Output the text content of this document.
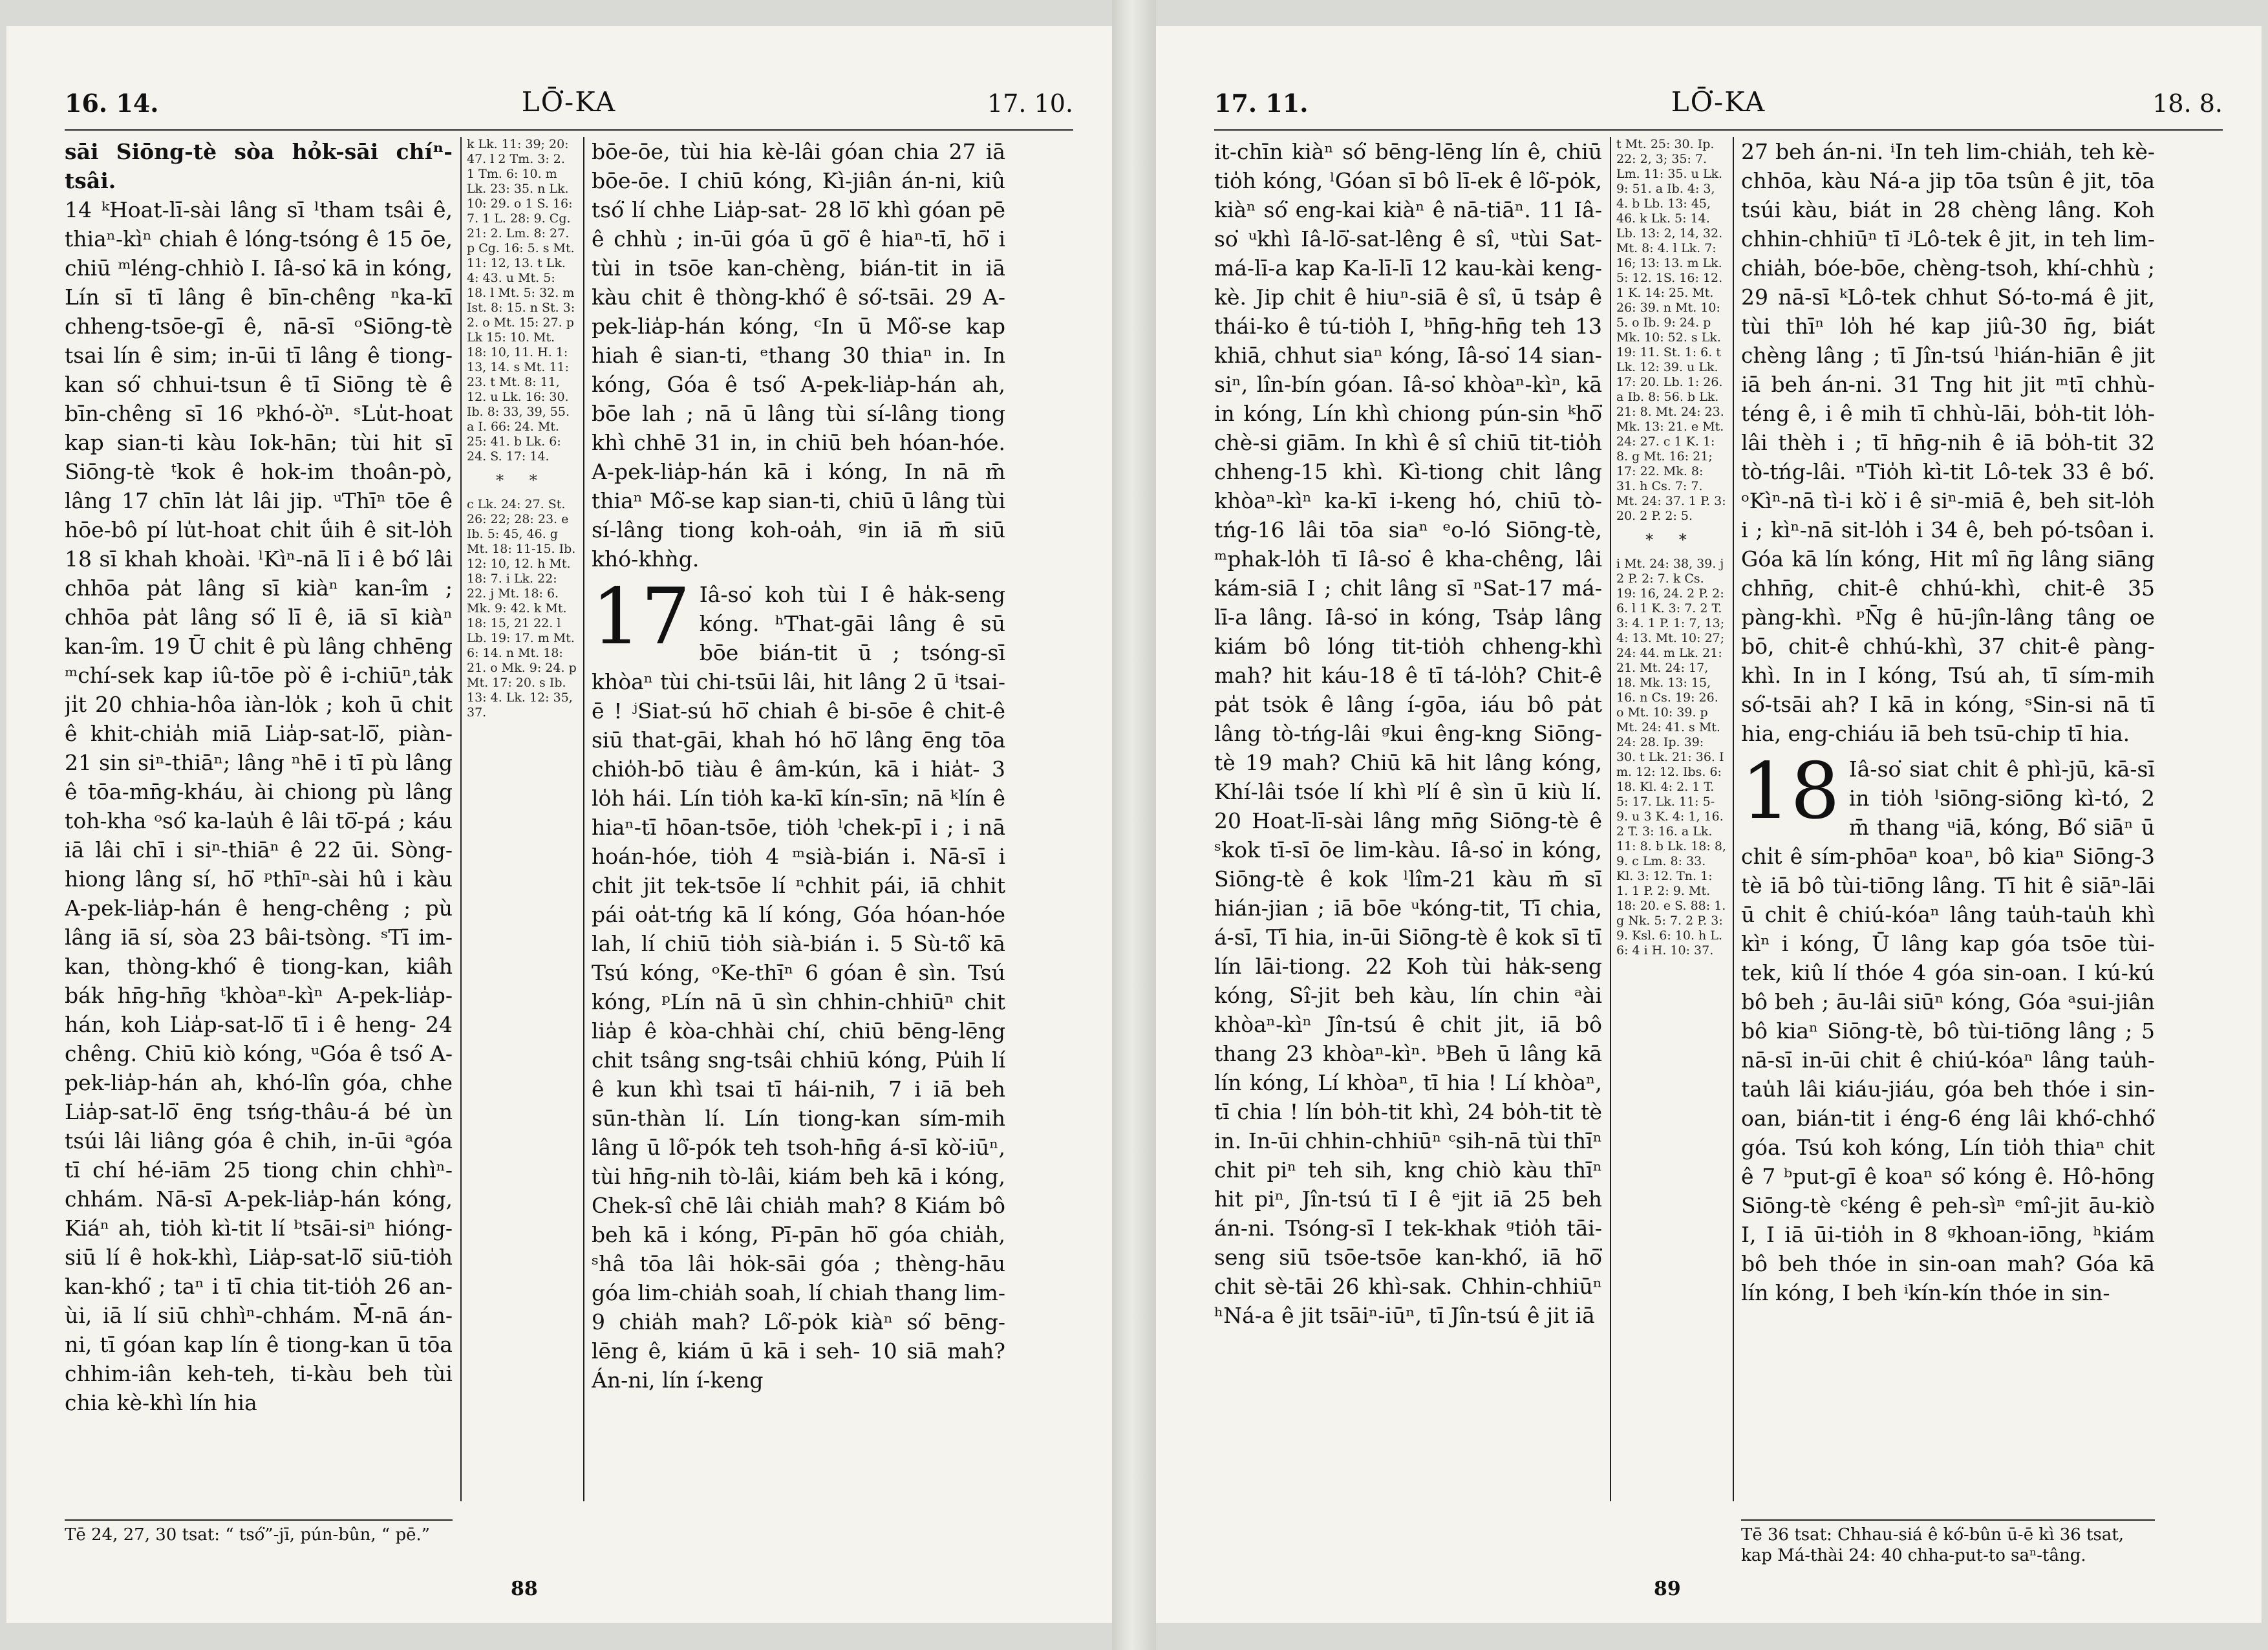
16. 14.	LŌ͘-KA	17. 10.
sāi Siōng-tè sòa hỏk-sāi chíⁿ-tsâi.
14 ᵏHoat-lī-sài lâng sī ˡtham tsâi ê, thiaⁿ-kìⁿ chiah ê lóng-tsóng ê 15 ōe, chiū ᵐléng-chhiò I. Iâ-so͘ kā in kóng, Lín sī tī lâng ê bīn-chêng ⁿka-kī chheng-tsōe-gī ê, nā-sī ᵒSiōng-tè tsai lín ê sim; in-ūi tī lâng ê tiong-kan só͘ chhui-tsun ê tī Siōng tè ê bīn-chêng sī 16 ᵖkhó-ò͘ⁿ. ˢLu̍t-hoat kap sian-ti kàu Iok-hān; tùi hit sī Siōng-tè ᵗkok ê hok-im thoân-pò, lâng 17 chīn la̍t lâi jip. ᵘThīⁿ tōe ê hōe-bô pí lu̍t-hoat chi̍t ǘih ê sit-lo̍h 18 sī khah khoài. ˡKìⁿ-nā lī i ê bó͘ lâi chhōa pa̍t lâng sī kiàⁿ kan-îm ; chhōa pa̍t lâng só͘ lī ê, iā sī kiàⁿ kan-îm. 19 Ū chi̍t ê pù lâng chhēng ᵐchí-sek kap iû-tōe pò͘ ê i-chiūⁿ,ta̍k ji̍t 20 chhia-hôa iàn-lo̍k ; koh ū chi̍t ê khit-chia̍h miā Lia̍p-sat-lō͘, piàn- 21 sin siⁿ-thiāⁿ; lâng ⁿhē i tī pù lâng ê tōa-mn̄g-kháu, ài chiong pù lâng toh-kha ᵒsó͘ ka-lau̍h ê lâi tō͘-pá ; káu iā lâi chī i siⁿ-thiāⁿ ê 22 ūi. Sòng-hiong lâng sí, hō͘ ᵖthīⁿ-sài hû i kàu A-pek-lia̍p-hán ê heng-chêng ; pù lâng iā sí, sòa 23 bâi-tsòng. ˢTī im-kan, thòng-khó͘ ê tiong-kan, kiâh bák hn̄g-hn̄g ᵗkhòaⁿ-kìⁿ A-pek-lia̍p-hán, koh Lia̍p-sat-lō͘ tī i ê heng- 24 chêng. Chiū kiò kóng, ᵘGóa ê tsó͘ A-pek-lia̍p-hán ah, khó-lîn góa, chhe Lia̍p-sat-lō͘ ēng tsńg-thâu-á bé ùn tsúi lâi liâng góa ê chih, in-ūi ᵃgóa tī chí hé-iām 25 tiong chin chhìⁿ-chhám. Nā-sī A-pek-lia̍p-hán kóng, Kiáⁿ ah, tio̍h kì-tit lí ᵇtsāi-siⁿ hióng-siū lí ê hok-khì, Lia̍p-sat-lō͘ siū-tio̍h kan-khó͘ ; taⁿ i tī chia tit-tio̍h 26 an-ùi, iā lí siū chhìⁿ-chhám. M̄-nā án-ni, tī góan kap lín ê tiong-kan ū tōa chhim-iân keh-teh, ti-kàu beh tùi chia kè-khì lín hia
k Lk. 11: 39; 20: 47. l 2 Tm. 3: 2. 1 Tm. 6: 10. m Lk. 23: 35. n Lk. 10: 29. o 1 S. 16: 7. 1 L. 28: 9. Cg. 21: 2. Lm. 8: 27. p Cg. 16: 5. s Mt. 11: 12, 13. t Lk. 4: 43. u Mt. 5: 18. l Mt. 5: 32. m Ist. 8: 15. n St. 3: 2. o Mt. 15: 27. p Lk 15: 10. Mt. 18: 10, 11. H. 1: 13, 14. s Mt. 11: 23. t Mt. 8: 11, 12. u Lk. 16: 30. Ib. 8: 33, 39, 55. a I. 66: 24. Mt. 25: 41. b Lk. 6: 24. S. 17: 14.
* *
c Lk. 24: 27. St. 26: 22; 28: 23. e Ib. 5: 45, 46. g Mt. 18: 11-15. Ib. 12: 10, 12. h Mt. 18: 7. i Lk. 22: 22. j Mt. 18: 6. Mk. 9: 42. k Mt. 18: 15, 21 22. l Lb. 19: 17. m Mt. 6: 14. n Mt. 18: 21. o Mk. 9: 24. p Mt. 17: 20. s Ib. 13: 4. Lk. 12: 35, 37.
bōe-ōe, tùi hia kè-lâi góan chia 27 iā bōe-ōe. I chiū kóng, Kì-jiân án-ni, kiû tsó͘ lí chhe Lia̍p-sat- 28 lō͘ khì góan pē ê chhù ; in-ūi góa ū gō͘ ê hiaⁿ-tī, hō͘ i tùi in tsōe kan-chèng, bián-tit in iā kàu chit ê thòng-khó͘ ê só͘-tsāi. 29 A-pek-lia̍p-hán kóng, ᶜIn ū Mô͘-se kap hiah ê sian-ti, ᵉthang 30 thiaⁿ in. In kóng, Góa ê tsó͘ A-pek-lia̍p-hán ah, bōe lah ; nā ū lâng tùi sí-lâng tiong khì chhē 31 in, in chiū beh hóan-hóe. A-pek-lia̍p-hán kā i kóng, In nā m̄ thiaⁿ Mô͘-se kap sian-ti, chiū ū lâng tùi sí-lâng tiong koh-oa̍h, ᵍin iā m̄ siū khó-khǹg.
17 Iâ-so͘ koh tùi I ê ha̍k-seng kóng. ʰThat-gāi lâng ê sū bōe bián-tit ū ; tsóng-sī khòaⁿ tùi chi-tsūi lâi, hit lâng 2 ū ⁱtsai-ē ! ʲSiat-sú hō͘ chiah ê bi-sōe ê chit-ê siū that-gāi, khah hó hō͘ lâng ēng tōa chio̍h-bō tiàu ê âm-kún, kā i hia̍t- 3 lo̍h hái. Lín tio̍h ka-kī kín-sīn; nā ᵏlín ê hiaⁿ-tī hōan-tsōe, tio̍h ˡchek-pī i ; i nā hoán-hóe, tio̍h 4 ᵐsià-bián i. Nā-sī i chi̍t jit tek-tsōe lí ⁿchhit pái, iā chhit pái oa̍t-tńg kā lí kóng, Góa hóan-hóe lah, lí chiū tio̍h sià-bián i. 5 Sù-tô͘ kā Tsú kóng, ᵒKe-thīⁿ 6 góan ê sìn. Tsú kóng, ᵖLín nā ū sìn chhin-chhiūⁿ chit lia̍p ê kòa-chhài chí, chiū bēng-lēng chit tsâng sng-tsâi chhiū kóng, Pu̍ih lí ê kun khì tsai tī hái-nih, 7 i iā beh sūn-thàn lí. Lín tiong-kan sím-mih lâng ū lô͘-pók teh tsoh-hn̄g á-sī kò͘-iūⁿ, tùi hn̄g-nih tò-lâi, kiám beh kā i kóng, Chek-sî chē lâi chia̍h mah? 8 Kiám bô beh kā i kóng, Pī-pān hō͘ góa chia̍h, ˢhâ tōa lâi hȯk-sāi góa ; thèng-hāu góa lim-chia̍h soah, lí chiah thang lim- 9 chia̍h mah? Lô͘-pȯk kiàⁿ só͘ bēng-lēng ê, kiám ū kā i seh- 10 siā mah? Án-ni, lín í-keng
Tē 24, 27, 30 tsat: “ tsó͘”-jī, pún-bûn, “ pē.”
88
17. 11.	LŌ͘-KA	18. 8.
it-chīn kiàⁿ só͘ bēng-lēng lín ê, chiū tio̍h kóng, ˡGóan sī bô lī-ek ê lô͘-pȯk, kiàⁿ só͘ eng-kai kiàⁿ ê nā-tiāⁿ. 11 Iâ-so͘ ᵘkhì Iâ-lō͘-sat-lêng ê sî, ᵘtùi Sat-má-lī-a kap Ka-lī-lī 12 kau-kài keng-kè. Jip chi̍t ê hiuⁿ-siā ê sî, ū tsa̍p ê thái-ko ê tú-tio̍h I, ᵇhn̄g-hn̄g teh 13 khiā, chhut siaⁿ kóng, Iâ-so͘ 14 sian-siⁿ, lîn-bín góan. Iâ-so͘ khòaⁿ-kìⁿ, kā in kóng, Lín khì chiong pún-sin ᵏhō͘ chè-si giām. In khì ê sî chiū tit-tio̍h chheng-15 khì. Kì-tiong chi̍t lâng khòaⁿ-kìⁿ ka-kī i-keng hó, chiū tò-tńg-16 lâi tōa siaⁿ ᵉo-ló Siōng-tè, ᵐphak-lo̍h tī Iâ-so͘ ê kha-chêng, lâi kám-siā I ; chi̍t lâng sī ⁿSat-17 má-lī-a lâng. Iâ-so͘ in kóng, Tsa̍p lâng kiám bô lóng tit-tio̍h chheng-khì mah? hit káu-18 ê tī tá-lo̍h? Chit-ê pa̍t tsȯk ê lâng í-gōa, iáu bô pa̍t lâng tò-tńg-lâi ᵍkui êng-kng Siōng-tè 19 mah? Chiū kā hit lâng kóng, Khí-lâi tsóe lí khì ᵖlí ê sìn ū kiù lí. 20 Hoat-lī-sài lâng mn̄g Siōng-tè ê ˢkok tī-sī ōe lim-kàu. Iâ-so͘ in kóng, Siōng-tè ê kok ˡlîm-21 kàu m̄ sī hián-jian ; iā bōe ᵘkóng-tit, Tī chia, á-sī, Tī hia, in-ūi Siōng-tè ê kok sī tī lín lāi-tiong. 22 Koh tùi ha̍k-seng kóng, Sî-jit beh kàu, lín chin ᵃài khòaⁿ-kìⁿ Jîn-tsú ê chi̍t ji̍t, iā bô thang 23 khòaⁿ-kìⁿ. ᵇBeh ū lâng kā lín kóng, Lí khòaⁿ, tī hia ! Lí khòaⁿ, tī chia ! lín bo̍h-tit khì, 24 bo̍h-tit tè in. In-ūi chhin-chhiūⁿ ᶜsih-nā tùi thīⁿ chit piⁿ teh sih, kng chiò kàu thīⁿ hit piⁿ, Jîn-tsú tī I ê ᵉjit iā 25 beh án-ni. Tsóng-sī I tek-khak ᵍtio̍h tāi-seng siū tsōe-tsōe kan-khó͘, iā hō͘ chit sè-tāi 26 khì-sak. Chhin-chhiūⁿ ʰNá-a ê jit tsāiⁿ-iūⁿ, tī Jîn-tsú ê jit iā
t Mt. 25: 30. Ip. 22: 2, 3; 35: 7. Lm. 11: 35. u Lk. 9: 51. a Ib. 4: 3, 4. b Lb. 13: 45, 46. k Lk. 5: 14. Lb. 13: 2, 14, 32. Mt. 8: 4. l Lk. 7: 16; 13: 13. m Lk. 5: 12. 1S. 16: 12. 1 K. 14: 25. Mt. 26: 39. n Mt. 10: 5. o Ib. 9: 24. p Mk. 10: 52. s Lk. 19: 11. St. 1: 6. t Lk. 12: 39. u Lk. 17: 20. Lb. 1: 26. a Ib. 8: 56. b Lk. 21: 8. Mt. 24: 23. Mk. 13: 21. e Mt. 24: 27. c 1 K. 1: 8. g Mt. 16: 21; 17: 22. Mk. 8: 31. h Cs. 7: 7. Mt. 24: 37. 1 P. 3: 20. 2 P. 2: 5.
* *
i Mt. 24: 38, 39. j 2 P. 2: 7. k Cs. 19: 16, 24. 2 P. 2: 6. l 1 K. 3: 7. 2 T. 3: 4. 1 P. 1: 7, 13; 4: 13. Mt. 10: 27; 24: 44. m Lk. 21: 21. Mt. 24: 17, 18. Mk. 13: 15, 16. n Cs. 19: 26. o Mt. 10: 39. p Mt. 24: 41. s Mt. 24: 28. Ip. 39: 30. t Lk. 21: 36. I m. 12: 12. Ibs. 6: 18. Kl. 4: 2. 1 T. 5: 17. Lk. 11: 5-9. u 3 K. 4: 1, 16. 2 T. 3: 16. a Lk. 11: 8. b Lk. 18: 8, 9. c Lm. 8: 33. Kl. 3: 12. Tn. 1: 1. 1 P. 2: 9. Mt. 18: 20. e S. 88: 1. g Nk. 5: 7. 2 P. 3: 9. Ksl. 6: 10. h L. 6: 4 i H. 10: 37.
27 beh án-ni. ⁱIn teh lim-chia̍h, teh kè-chhōa, kàu Ná-a jip tōa tsûn ê jit, tōa tsúi kàu, biát in 28 chèng lâng. Koh chhin-chhiūⁿ tī ʲLô-tek ê jit, in teh lim-chia̍h, bóe-bōe, chèng-tsoh, khí-chhù ; 29 nā-sī ᵏLô-tek chhut Só-to-má ê jit, tùi thīⁿ lo̍h hé kap jiû-30 n̄g, biát chèng lâng ; tī Jîn-tsú ˡhián-hiān ê jit iā beh án-ni. 31 Tng hit jit ᵐtī chhù-téng ê, i ê mih tī chhù-lāi, bo̍h-tit lo̍h-lâi thèh i ; tī hn̄g-nih ê iā bo̍h-tit 32 tò-tńg-lâi. ⁿTio̍h kì-tit Lô-tek 33 ê bó͘. ᵒKìⁿ-nā tì-i kò͘ i ê siⁿ-miā ê, beh sit-lo̍h i ; kìⁿ-nā sit-lo̍h i 34 ê, beh pó-tsôan i. Góa kā lín kóng, Hit mî n̄g lâng siāng chhn̄g, chit-ê chhú-khì, chit-ê 35 pàng-khì. ᵖN̄g ê hū-jîn-lâng tâng oe bō, chit-ê chhú-khì, 37 chit-ê pàng-khì. In in I kóng, Tsú ah, tī sím-mih só͘-tsāi ah? I kā in kóng, ˢSin-si nā tī hia, eng-chiáu iā beh tsū-chip tī hia.
18 Iâ-so͘ siat chi̍t ê phì-jū, kā-sī in tio̍h ˡsiōng-siōng kì-tó, 2 m̄ thang ᵘiā, kóng, Bó͘ siāⁿ ū chi̍t ê sím-phōaⁿ koaⁿ, bô kiaⁿ Siōng-3 tè iā bô tùi-tiōng lâng. Tī hit ê siāⁿ-lāi ū chi̍t ê chiú-kóaⁿ lâng tau̍h-tau̍h khì kìⁿ i kóng, Ū lâng kap góa tsōe tùi-tek, kiû lí thóe 4 góa sin-oan. I kú-kú bô beh ; āu-lâi siūⁿ kóng, Góa ᵃsui-jiân bô kiaⁿ Siōng-tè, bô tùi-tiōng lâng ; 5 nā-sī in-ūi chit ê chiú-kóaⁿ lâng tau̍h-tau̍h lâi kiáu-jiáu, góa beh thóe i sin-oan, bián-tit i éng-6 éng lâi khó͘-chhó͘ góa. Tsú koh kóng, Lín tio̍h thiaⁿ chit ê 7 ᵇput-gī ê koaⁿ só͘ kóng ê. Hô-hōng Siōng-tè ᶜkéng ê peh-sìⁿ ᵉmî-jit āu-kiò I, I iā ūi-tio̍h in 8 ᵍkhoan-iōng, ʰkiám bô beh thóe in sin-oan mah? Góa kā lín kóng, I beh ⁱkín-kín thóe in sin-
Tē 36 tsat: Chhau-siá ê kó͘-bûn ū-ē kì 36 tsat, kap Má-thài 24: 40 chha-put-to saⁿ-tâng.
89
